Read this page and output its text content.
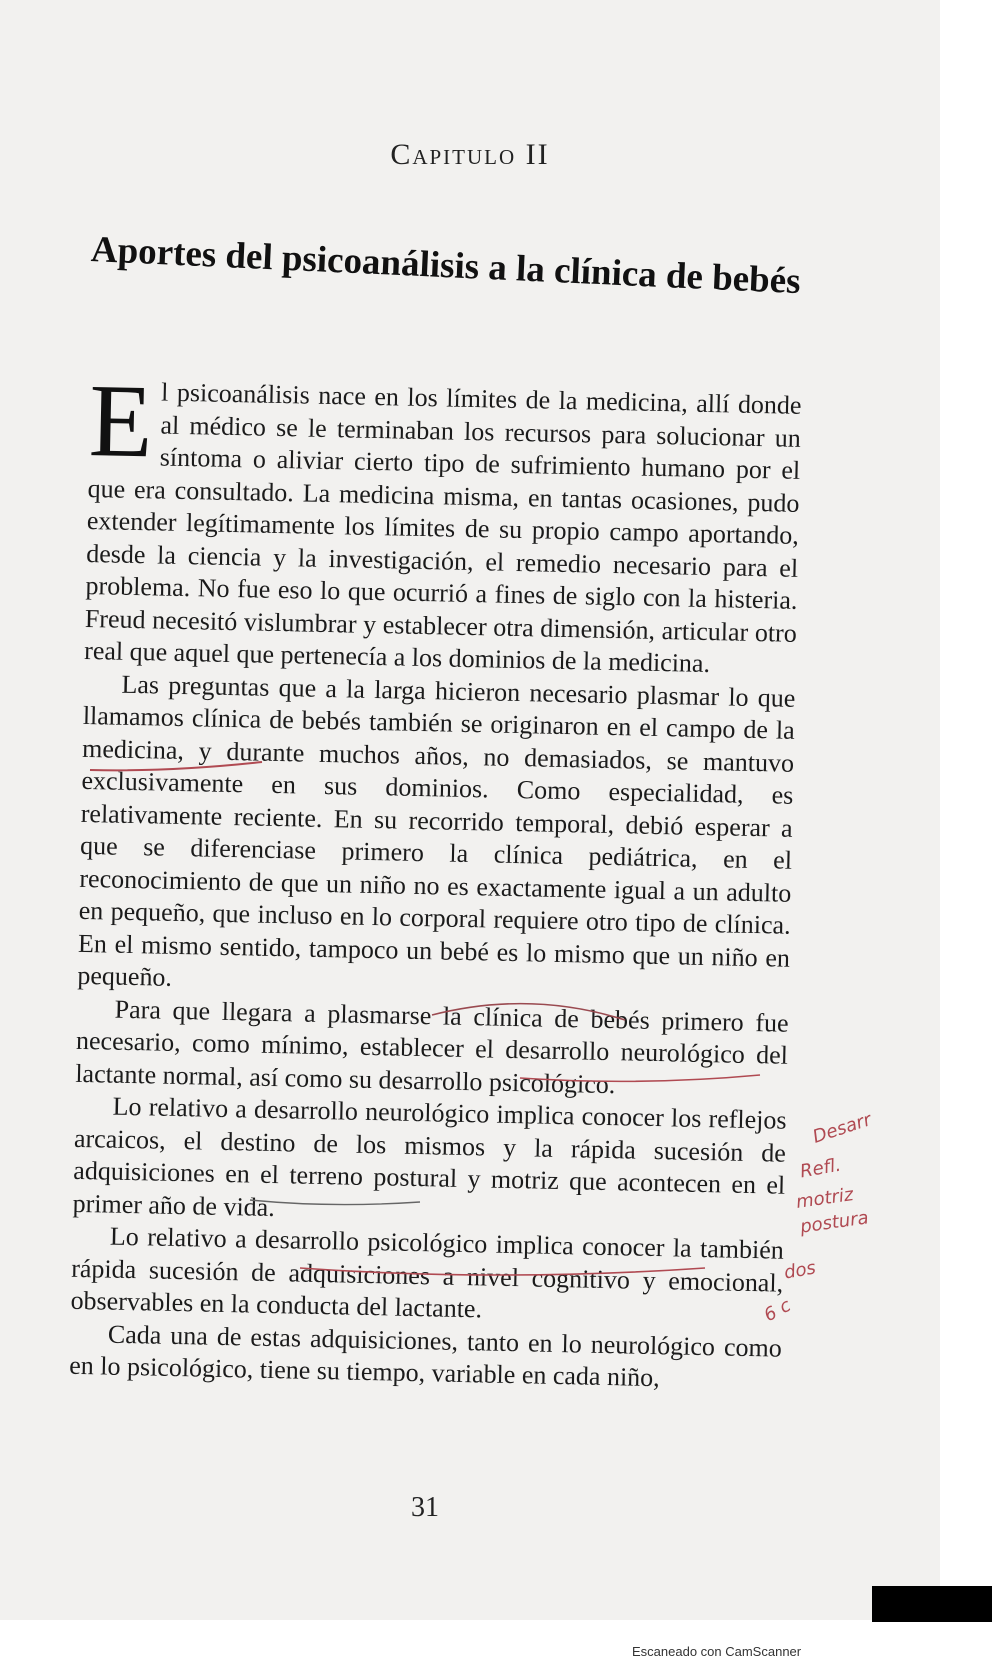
Capitulo II
Aportes del psicoanálisis a la clínica de bebés

El psicoanálisis nace en los límites de la medicina, allí donde al médico se le terminaban los recursos para solucionar un síntoma o aliviar cierto tipo de sufrimiento humano por el que era consultado. La medicina misma, en tantas ocasiones, pudo extender legítimamente los límites de su propio campo aportando, desde la ciencia y la investigación, el remedio necesario para el problema. No fue eso lo que ocurrió a fines de siglo con la histeria. Freud necesitó vislumbrar y establecer otra dimensión, articular otro real que aquel que pertenecía a los dominios de la medicina.

Las preguntas que a la larga hicieron necesario plasmar lo que llamamos clínica de bebés también se originaron en el campo de la medicina, y durante muchos años, no demasiados, se mantuvo exclusivamente en sus dominios. Como especialidad, es relativamente reciente. En su recorrido temporal, debió esperar a que se diferenciase primero la clínica pediátrica, en el reconocimiento de que un niño no es exactamente igual a un adulto en pequeño, que incluso en lo corporal requiere otro tipo de clínica. En el mismo sentido, tampoco un bebé es lo mismo que un niño en pequeño.

Para que llegara a plasmarse la clínica de bebés primero fue necesario, como mínimo, establecer el desarrollo neurológico del lactante normal, así como su desarrollo psicológico.

Lo relativo a desarrollo neurológico implica conocer los reflejos arcaicos, el destino de los mismos y la rápida sucesión de adquisiciones en el terreno postural y motriz que acontecen en el primer año de vida.

Lo relativo a desarrollo psicológico implica conocer la también rápida sucesión de adquisiciones a nivel cognitivo y emocional, observables en la conducta del lactante.

Cada una de estas adquisiciones, tanto en lo neurológico como en lo psicológico, tiene su tiempo, variable en cada niño,

Desarr
Refl.
motriz
postura
dos
6 c
31
Escaneado con CamScanner
